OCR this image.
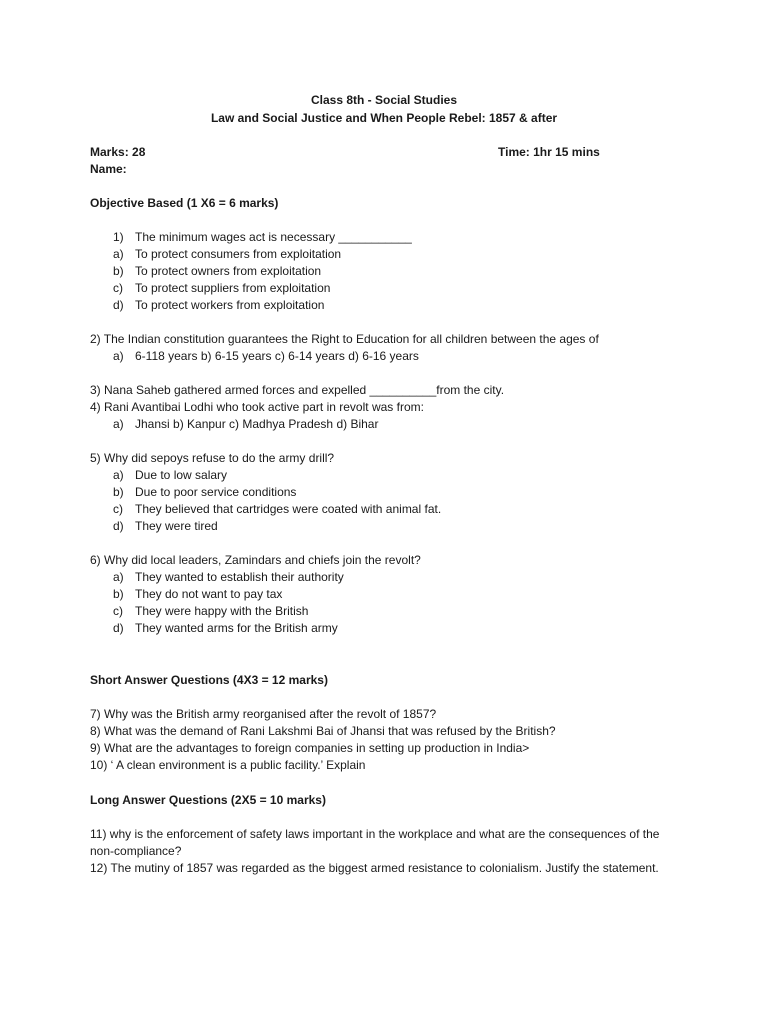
Class 8th - Social Studies
Law and Social Justice and When People Rebel: 1857 & after
Marks: 28	Time: 1hr 15 mins
Name:
Objective Based (1 X6 = 6 marks)
1) The minimum wages act is necessary ___________
a) To protect consumers from exploitation
b) To protect owners from exploitation
c) To protect suppliers from exploitation
d) To protect workers from exploitation
2) The Indian constitution guarantees the Right to Education for all children between the ages of
a) 6-118 years b) 6-15 years c) 6-14 years d) 6-16 years
3) Nana Saheb gathered armed forces and expelled __________from the city.
4) Rani Avantibai Lodhi who took active part in revolt was from:
a) Jhansi b) Kanpur c) Madhya Pradesh d) Bihar
5) Why did sepoys refuse to do the army drill?
a) Due to low salary
b) Due to poor service conditions
c) They believed that cartridges were coated with animal fat.
d) They were tired
6) Why did local leaders, Zamindars and chiefs join the revolt?
a) They wanted to establish their authority
b) They do not want to pay tax
c) They were happy with the British
d) They wanted arms for the British army
Short Answer Questions (4X3 = 12 marks)
7) Why was the British army reorganised after the revolt of 1857?
8) What was the demand of Rani Lakshmi Bai of Jhansi that was refused by the British?
9) What are the advantages to foreign companies in setting up production in India>
10) ‘ A clean environment is a public facility.’ Explain
Long Answer Questions (2X5 = 10 marks)
11) why is the enforcement of safety laws important in the workplace and what are the consequences of the non-compliance?
12) The mutiny of 1857 was regarded as the biggest armed resistance to colonialism. Justify the statement.
